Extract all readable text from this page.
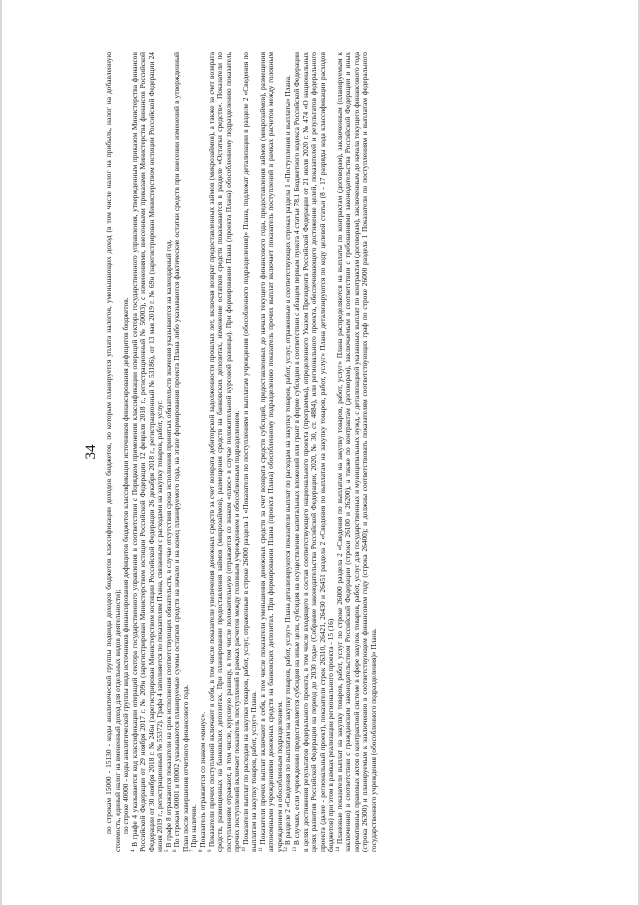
34 по строкам 15000 - 15130 - коды аналитической группы подвида доходов бюджетов классификации доходов бюджетов, по которым планируется уплата налогов, уменьшающих доход (в том числе налог на прибыль, налог на добавленную стоимость, единый налог на вмененный доход для отдельных видов деятельности); по строке 40000 - коды аналитической группы вида источников финансирования дефицитов бюджетов классификации источников финансирования дефицитов бюджетов.

$^4$ В графе 4 указывается код классификации операций сектора государственного управления в соответствии с Порядком применения классификации операций сектора государственного управления, утвержденным приказом Министерства финансов Российской Федерации от 29 ноября 2017 г. № 209н (зарегистрирован Министерством юстиции Российской Федерации 12 февраля 2018 г., регистрационный № 50003), с изменениями, внесенными приказами Министерства финансов Российской Федерации от 30 ноября 2018 г. № 246н (зарегистрирован Министерством юстиции Российской Федерации 26 декабря 2018 г., регистрационный № 53186), от 13 мая 2019 г. № 69н (зарегистрирован Министерством юстиции Российской Федерации 24 июня 2019 г., регистрационный № 55372). Графа 4 заполняется по показателям Плана, связанным с расходами на закупку товаров, работ, услуг. $^5$ В графе 8 отражаются показатели на срок исполнения соответствующих обязательств, в случае отсутствия срока исполнения принятых обязательств значения указываются на календарный год.

$^6$ По строкам 00001 и 00002 указываются планируемые суммы остатков средств на начало и на конец планируемого года, на этапе формирования проекта Плана либо указываются фактические остатки средств при внесении изменений в утвержденный План после завершения отчетного финансового года. $^7$ При наличии.

$^8$ Показатель отражается со знаком «минус».

$^9$ Показатели прочих поступлений включают в себя, в том числе показатели увеличения денежных средств за счет возврата дебиторской задолженности прошлых лет, включая возврат предоставленных займов (микрозаймов), а также за счет возврата средств, размещенных на банковских депозитах. При планировании предоставления займов (микрозаймов), размещения средств на банковских депозитах, изменение остатков средств показывается в разделе «Остатки средств». Показатели по поступлениям отражают, в том числе, курсовую разницу, в том числе положительную (отражается со знаком «плюс» в случае положительной курсовой разницы). При формировании Плана (проекта Плана) обособленному подразделению показатель прочих поступлений включает показатель поступлений в рамках расчетов между головным учреждением и обособленным подразделением. $^{10}$ Показатели выплат по расходам на закупки товаров, работ, услуг, отраженные в строке 26000 раздела 1 «Показатели по поступлениям и выплатам учреждения (обособленного подразделения)» Плана, подлежат детализации в разделе 2 «Сведения по выплатам на закупку товаров, работ, услуг» Плана. $^{11}$ Показатели прочих выплат включают в себя, в том числе показатели уменьшения денежных средств за счет возврата средств субсидий, предоставленных до начала текущего финансового года, предоставления займов (микрозаймов), размещения автономными учреждениями денежных средств на банковских депозитах. При формировании Плана (проекта Плана) обособленному подразделению показатель прочих выплат включает показатель поступлений в рамках расчетов между головным учреждением и обособленным подразделением. $^{12}$ В разделе 2 «Сведения по выплатам на закупку товаров, работ, услуг» Плана детализируются показатели выплат по расходам на закупку товаров, работ, услуг, отраженные в соответствующих строках раздела 1 «Поступления и выплаты» Плана.

$^{13}$ В случаях, если учреждению предоставляется субсидия на иные цели, субсидия на осуществление капитальных вложений или грант в форме субсидии в соответствии с абзацем первым пункта 4 статьи 78.1 Бюджетного кодекса Российской Федерации в целях достижения результатов федерального проекта, в том числе входящего в состав соответствующего национального проекта (программы), определенного Указом Президента Российской Федерации от 21 июля 2020 г. № 474 «О национальных целях развития Российской Федерации на период до 2030 года» (Собрание законодательства Российской Федерации, 2020, № 30, ст. 4884), или регионального проекта, обеспечивающего достижение целей, показателей и результатов федерального проекта (далее - региональный проект), показатели строк 26310, 26421, 26430 и 26451 раздела 2 «Сведения по выплатам на закупку товаров, работ, услуг» Плана детализируются по коду целевой статьи (8 - 17 разряды кода классификации расходов бюджетов) при этом в рамках реализации регионального проекта - 15 (16) $^{14}$ Плановые показатели выплат на закупку товаров, работ, услуг по строке 26000 раздела 2 «Сведения по выплатам на закупку товаров, работ, услуг» Плана распределяются на выплаты по контрактам (договорам), заключенным (планируемым к заключению) в соответствии с гражданским законодательством Российской Федерации (строки 26100 и 26200), а также по контрактам (договорам), заключаемым в соответствии с требованиями законодательства Российской Федерации и иных нормативных правовых актов о контрактной системе в сфере закупок товаров, работ, услуг для государственных и муниципальных нужд, с детализацией указанных выплат по контрактам (договорам), заключенным до начала текущего финансового года (строка 26300) и планируемым к заключению в соответствующем финансовом году (строка 26400); и должны соответствовать показателям соответствующих граф по строке 26000 раздела 1 Показатели по поступлениям и выплатам федерального государственного учреждения (обособленного подразделения)» Плана.
